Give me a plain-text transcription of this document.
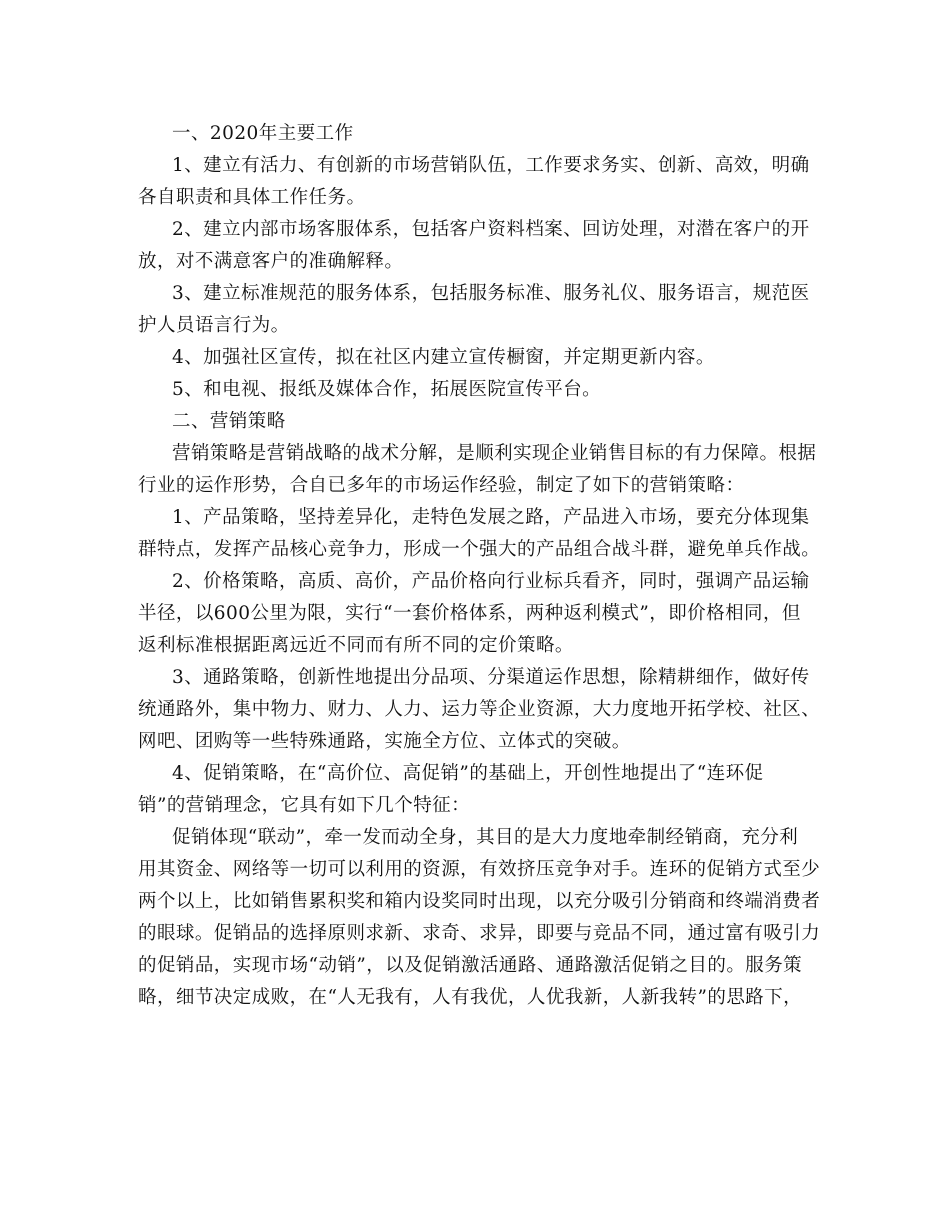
一、2020年主要工作
1、建立有活力、有创新的市场营销队伍，工作要求务实、创新、高效，明确
各自职责和具体工作任务。
2、建立内部市场客服体系，包括客户资料档案、回访处理，对潜在客户的开
放，对不满意客户的准确解释。
3、建立标准规范的服务体系，包括服务标准、服务礼仪、服务语言，规范医
护人员语言行为。
4、加强社区宣传，拟在社区内建立宣传橱窗，并定期更新内容。
5、和电视、报纸及媒体合作，拓展医院宣传平台。
二、营销策略
营销策略是营销战略的战术分解，是顺利实现企业销售目标的有力保障。根据
行业的运作形势，合自已多年的市场运作经验，制定了如下的营销策略：
1、产品策略，坚持差异化，走特色发展之路，产品进入市场，要充分体现集
群特点，发挥产品核心竞争力，形成一个强大的产品组合战斗群，避免单兵作战。
2、价格策略，高质、高价，产品价格向行业标兵看齐，同时，强调产品运输
半径，以600公里为限，实行“一套价格体系，两种返利模式”，即价格相同，但
返利标准根据距离远近不同而有所不同的定价策略。
3、通路策略，创新性地提出分品项、分渠道运作思想，除精耕细作，做好传
统通路外，集中物力、财力、人力、运力等企业资源，大力度地开拓学校、社区、
网吧、团购等一些特殊通路，实施全方位、立体式的突破。
4、促销策略，在“高价位、高促销”的基础上，开创性地提出了“连环促
销”的营销理念，它具有如下几个特征：
促销体现“联动”，牵一发而动全身，其目的是大力度地牵制经销商，充分利
用其资金、网络等一切可以利用的资源，有效挤压竞争对手。连环的促销方式至少
两个以上，比如销售累积奖和箱内设奖同时出现，以充分吸引分销商和终端消费者
的眼球。促销品的选择原则求新、求奇、求异，即要与竞品不同，通过富有吸引力
的促销品，实现市场“动销”，以及促销激活通路、通路激活促销之目的。服务策
略，细节决定成败，在“人无我有，人有我优，人优我新，人新我转”的思路下，
